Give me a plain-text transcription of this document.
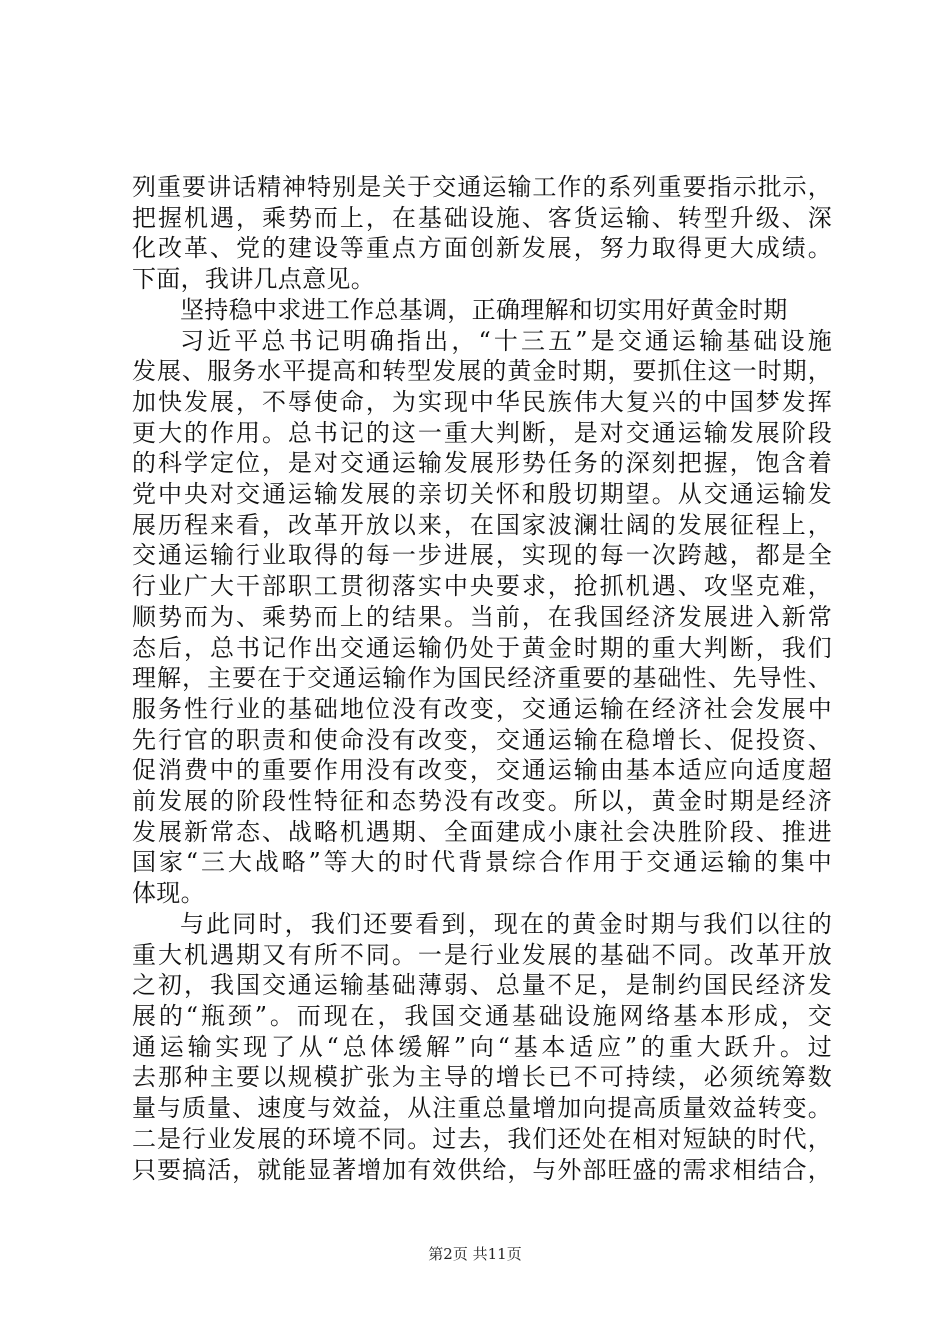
列重要讲话精神特别是关于交通运输工作的系列重要指示批示，
把握机遇，乘势而上，在基础设施、客货运输、转型升级、深
化改革、党的建设等重点方面创新发展，努力取得更大成绩。
下面，我讲几点意见。
坚持稳中求进工作总基调，正确理解和切实用好黄金时期
习近平总书记明确指出，“十三五”是交通运输基础设施
发展、服务水平提高和转型发展的黄金时期，要抓住这一时期，
加快发展，不辱使命，为实现中华民族伟大复兴的中国梦发挥
更大的作用。总书记的这一重大判断，是对交通运输发展阶段
的科学定位，是对交通运输发展形势任务的深刻把握，饱含着
党中央对交通运输发展的亲切关怀和殷切期望。从交通运输发
展历程来看，改革开放以来，在国家波澜壮阔的发展征程上，
交通运输行业取得的每一步进展，实现的每一次跨越，都是全
行业广大干部职工贯彻落实中央要求，抢抓机遇、攻坚克难，
顺势而为、乘势而上的结果。当前，在我国经济发展进入新常
态后，总书记作出交通运输仍处于黄金时期的重大判断，我们
理解，主要在于交通运输作为国民经济重要的基础性、先导性、
服务性行业的基础地位没有改变，交通运输在经济社会发展中
先行官的职责和使命没有改变，交通运输在稳增长、促投资、
促消费中的重要作用没有改变，交通运输由基本适应向适度超
前发展的阶段性特征和态势没有改变。所以，黄金时期是经济
发展新常态、战略机遇期、全面建成小康社会决胜阶段、推进
国家“三大战略”等大的时代背景综合作用于交通运输的集中
体现。
与此同时，我们还要看到，现在的黄金时期与我们以往的
重大机遇期又有所不同。一是行业发展的基础不同。改革开放
之初，我国交通运输基础薄弱、总量不足，是制约国民经济发
展的“瓶颈”。而现在，我国交通基础设施网络基本形成，交
通运输实现了从“总体缓解”向“基本适应”的重大跃升。过
去那种主要以规模扩张为主导的增长已不可持续，必须统筹数
量与质量、速度与效益，从注重总量增加向提高质量效益转变。
二是行业发展的环境不同。过去，我们还处在相对短缺的时代，
只要搞活，就能显著增加有效供给，与外部旺盛的需求相结合，
第2页 共11页
